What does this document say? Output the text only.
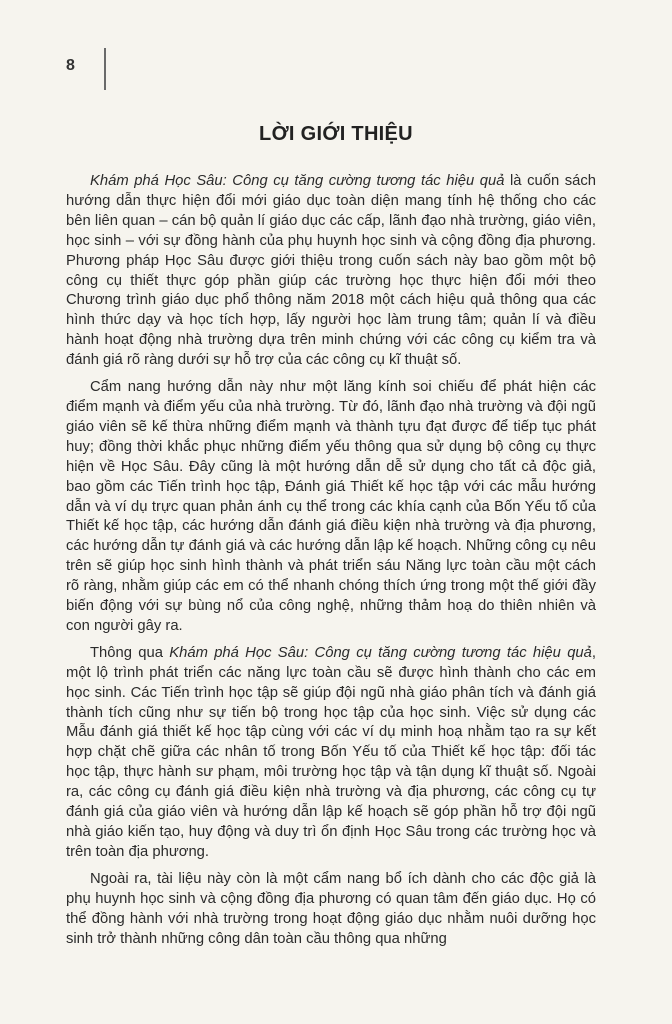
8
LỜI GIỚI THIỆU

Khám phá Học Sâu: Công cụ tăng cường tương tác hiệu quả là cuốn sách hướng dẫn thực hiện đổi mới giáo dục toàn diện mang tính hệ thống cho các bên liên quan – cán bộ quản lí giáo dục các cấp, lãnh đạo nhà trường, giáo viên, học sinh – với sự đồng hành của phụ huynh học sinh và cộng đồng địa phương. Phương pháp Học Sâu được giới thiệu trong cuốn sách này bao gồm một bộ công cụ thiết thực góp phần giúp các trường học thực hiện đổi mới theo Chương trình giáo dục phổ thông năm 2018 một cách hiệu quả thông qua các hình thức dạy và học tích hợp, lấy người học làm trung tâm; quản lí và điều hành hoạt động nhà trường dựa trên minh chứng với các công cụ kiểm tra và đánh giá rõ ràng dưới sự hỗ trợ của các công cụ kĩ thuật số.

Cẩm nang hướng dẫn này như một lăng kính soi chiếu để phát hiện các điểm mạnh và điểm yếu của nhà trường. Từ đó, lãnh đạo nhà trường và đội ngũ giáo viên sẽ kế thừa những điểm mạnh và thành tựu đạt được để tiếp tục phát huy; đồng thời khắc phục những điểm yếu thông qua sử dụng bộ công cụ thực hiện về Học Sâu. Đây cũng là một hướng dẫn dễ sử dụng cho tất cả độc giả, bao gồm các Tiến trình học tập, Đánh giá Thiết kế học tập với các mẫu hướng dẫn và ví dụ trực quan phản ánh cụ thể trong các khía cạnh của Bốn Yếu tố của Thiết kế học tập, các hướng dẫn đánh giá điều kiện nhà trường và địa phương, các hướng dẫn tự đánh giá và các hướng dẫn lập kế hoạch. Những công cụ nêu trên sẽ giúp học sinh hình thành và phát triển sáu Năng lực toàn cầu một cách rõ ràng, nhằm giúp các em có thể nhanh chóng thích ứng trong một thế giới đầy biến động với sự bùng nổ của công nghệ, những thảm hoạ do thiên nhiên và con người gây ra.

Thông qua Khám phá Học Sâu: Công cụ tăng cường tương tác hiệu quả, một lộ trình phát triển các năng lực toàn cầu sẽ được hình thành cho các em học sinh. Các Tiến trình học tập sẽ giúp đội ngũ nhà giáo phân tích và đánh giá thành tích cũng như sự tiến bộ trong học tập của học sinh. Việc sử dụng các Mẫu đánh giá thiết kế học tập cùng với các ví dụ minh hoạ nhằm tạo ra sự kết hợp chặt chẽ giữa các nhân tố trong Bốn Yếu tố của Thiết kế học tập: đối tác học tập, thực hành sư phạm, môi trường học tập và tận dụng kĩ thuật số. Ngoài ra, các công cụ đánh giá điều kiện nhà trường và địa phương, các công cụ tự đánh giá của giáo viên và hướng dẫn lập kế hoạch sẽ góp phần hỗ trợ đội ngũ nhà giáo kiến tạo, huy động và duy trì ổn định Học Sâu trong các trường học và trên toàn địa phương.

Ngoài ra, tài liệu này còn là một cẩm nang bổ ích dành cho các độc giả là phụ huynh học sinh và cộng đồng địa phương có quan tâm đến giáo dục. Họ có thể đồng hành với nhà trường trong hoạt động giáo dục nhằm nuôi dưỡng học sinh trở thành những công dân toàn cầu thông qua những
